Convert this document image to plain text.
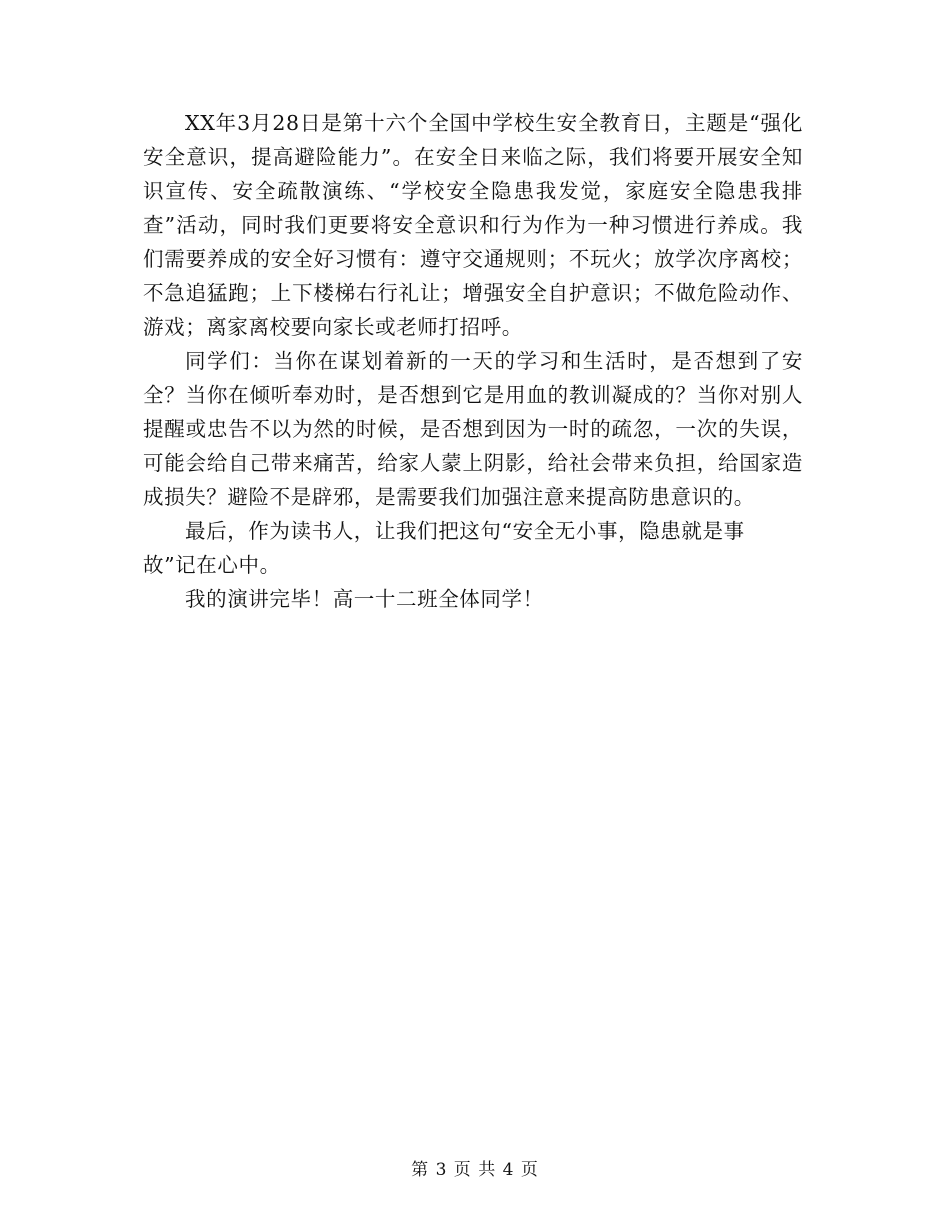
XX年3月28日是第十六个全国中学校生安全教育日，主题是“强化安全意识，提高避险能力”。在安全日来临之际，我们将要开展安全知识宣传、安全疏散演练、“学校安全隐患我发觉，家庭安全隐患我排查”活动，同时我们更要将安全意识和行为作为一种习惯进行养成。我们需要养成的安全好习惯有：遵守交通规则；不玩火；放学次序离校；不急追猛跑；上下楼梯右行礼让；增强安全自护意识；不做危险动作、游戏；离家离校要向家长或老师打招呼。

同学们：当你在谋划着新的一天的学习和生活时，是否想到了安全？当你在倾听奉劝时，是否想到它是用血的教训凝成的？当你对别人提醒或忠告不以为然的时候，是否想到因为一时的疏忽，一次的失误，可能会给自己带来痛苦，给家人蒙上阴影，给社会带来负担，给国家造成损失？避险不是辟邪，是需要我们加强注意来提高防患意识的。

最后，作为读书人，让我们把这句“安全无小事，隐患就是事
故”记在心中。

我的演讲完毕！高一十二班全体同学！

第 3 页 共 4 页
